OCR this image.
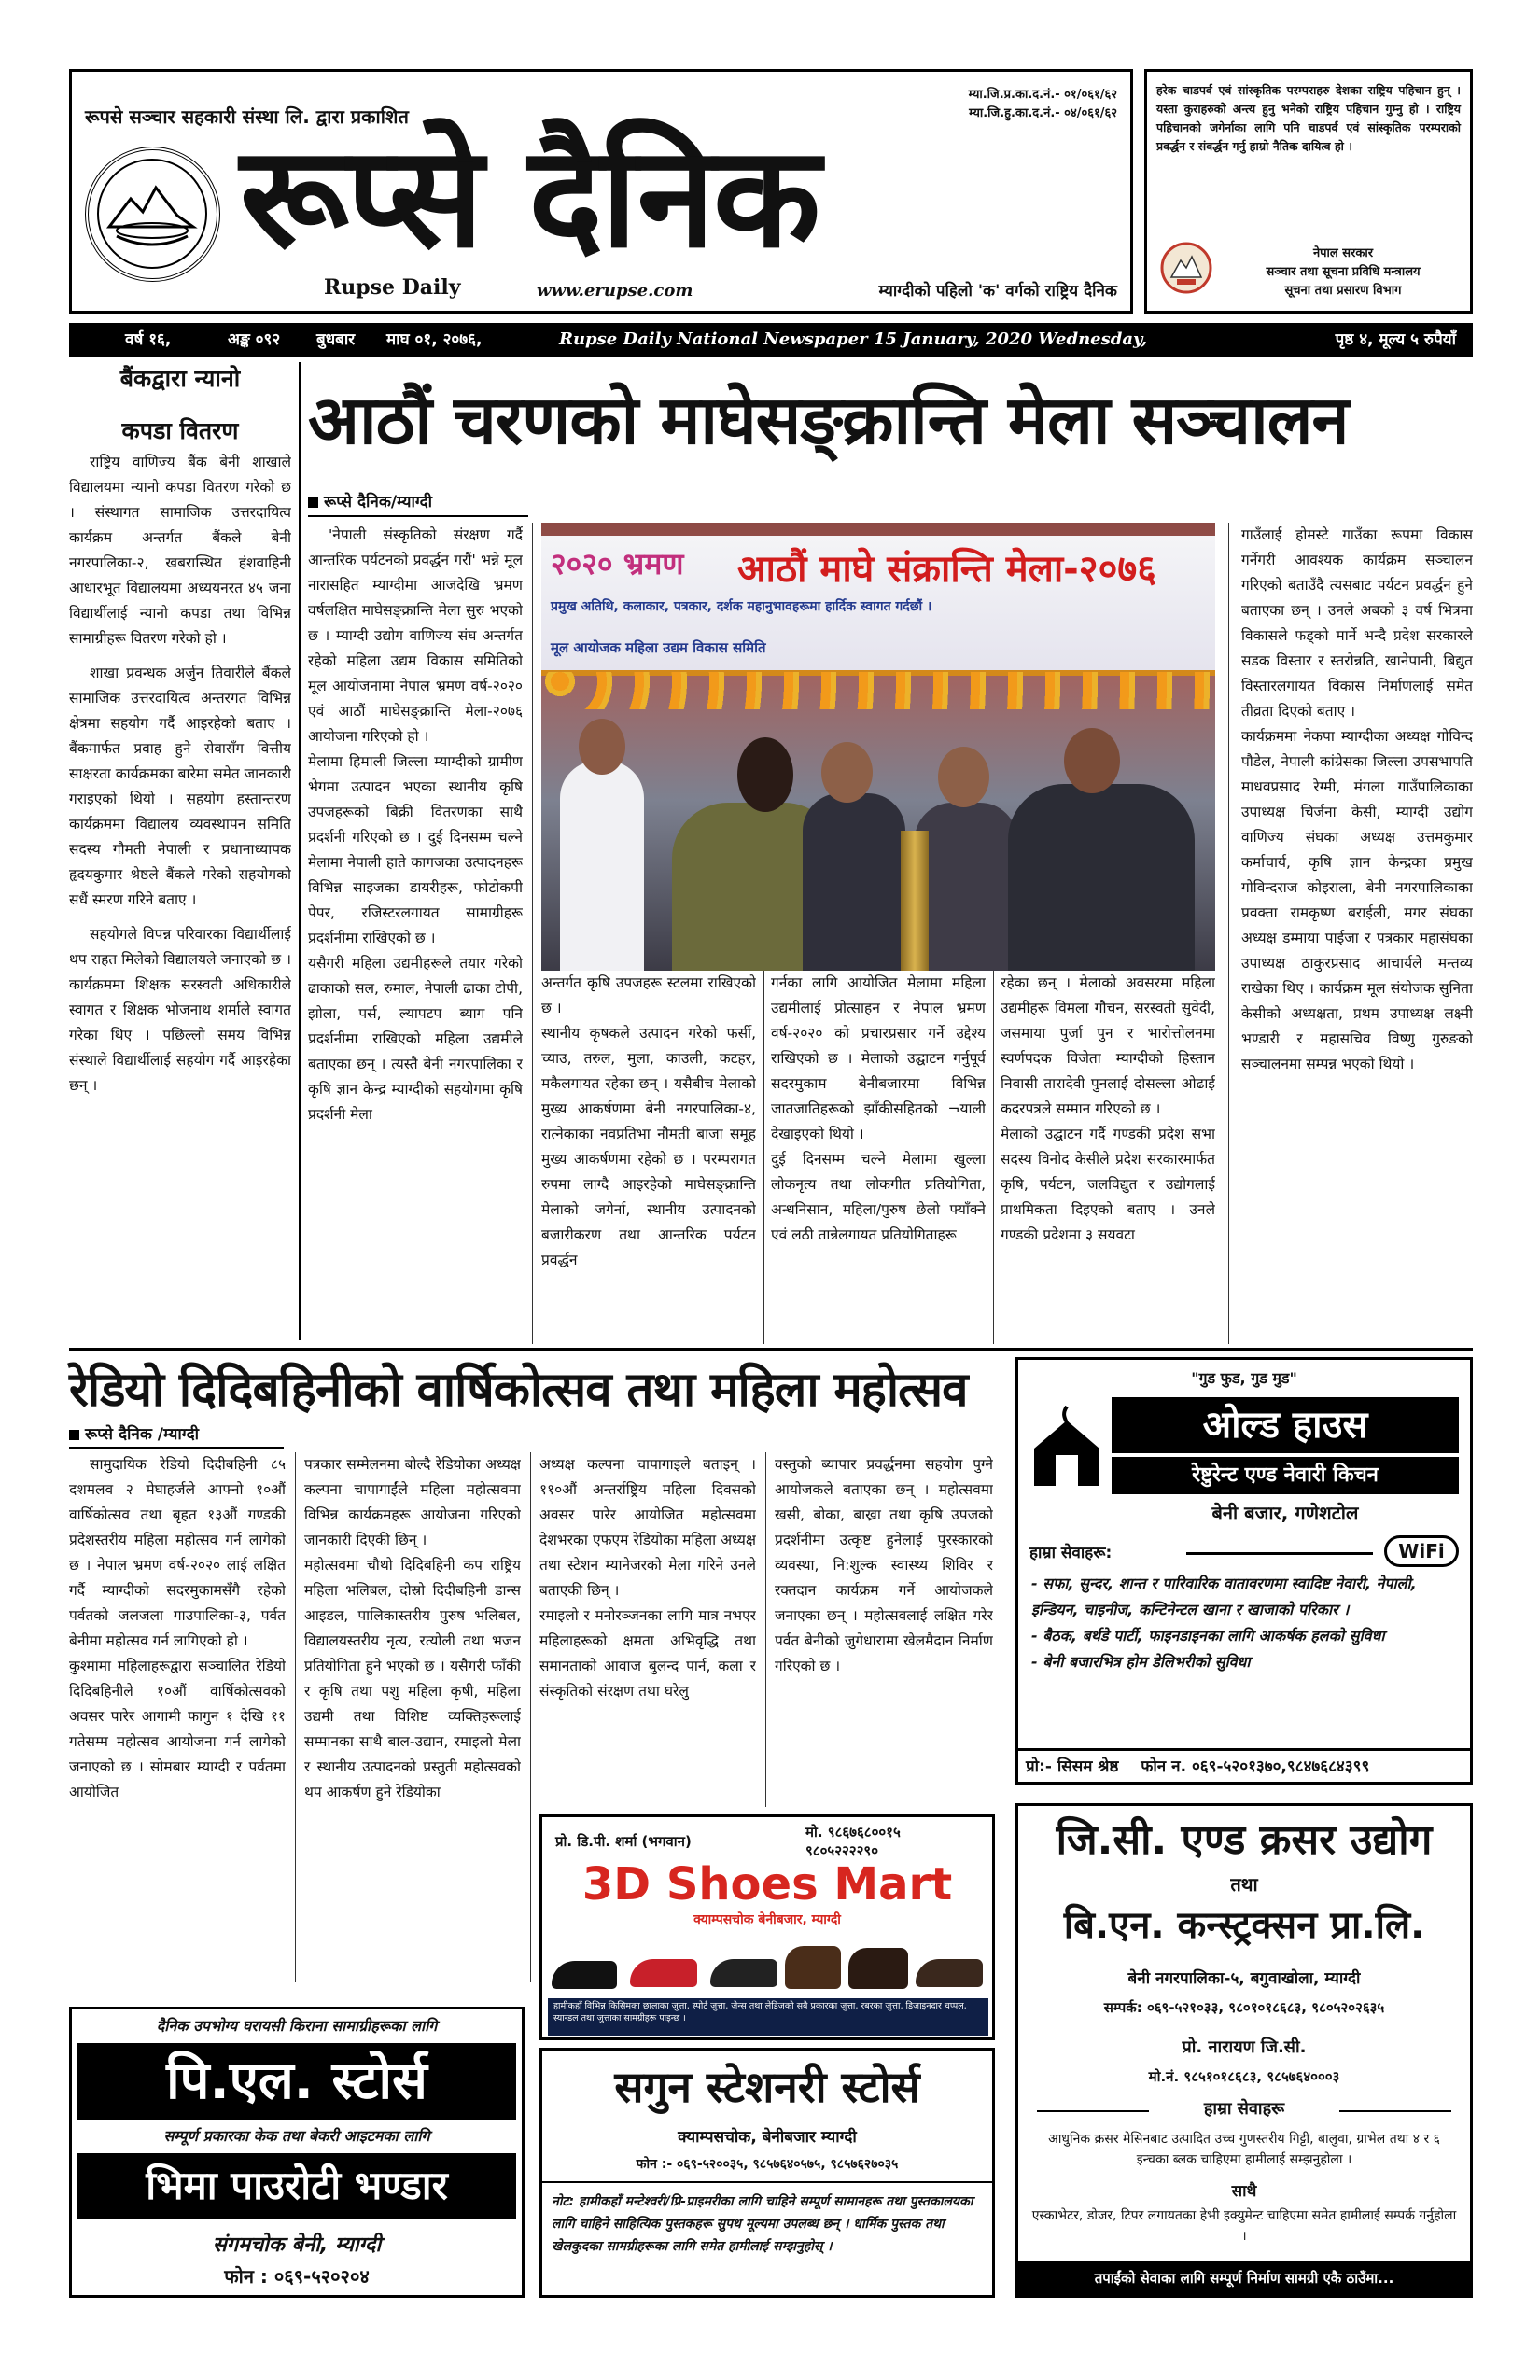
रूपसे सञ्चार सहकारी संस्था लि. द्वारा प्रकाशित
म्या.जि.प्र.का.द.नं.- ०१/०६१/६२
म्या.जि.हु.का.द.नं.- ०४/०६१/६२
रूप्से दैनिक
Rupse Daily	www.erupse.com	म्याग्दीको पहिलो 'क' वर्गको राष्ट्रिय दैनिक
हरेक चाडपर्व एवं सांस्कृतिक परम्पराहरु देशका राष्ट्रिय पहिचान हुन् । यस्ता कुराहरुको अन्त्य हुनु भनेको राष्ट्रिय पहिचान गुम्नु हो । राष्ट्रिय पहिचानको जगेर्नाका लागि पनि चाडपर्व एवं सांस्कृतिक परम्पराको प्रवर्द्धन र संवर्द्धन गर्नु हाम्रो नैतिक दायित्व हो ।
नेपाल सरकार
सञ्चार तथा सूचना प्रविधि मन्त्रालय
सूचना तथा प्रसारण विभाग
वर्ष १६,	अङ्क ०९२ बुधबार माघ ०१, २०७६,	Rupse Daily National Newspaper 15 January, 2020 Wednesday,	पृष्ठ ४, मूल्य ५ रुपैयाँ
बैंकद्वारा न्यानो
कपडा वितरण

राष्ट्रिय वाणिज्य बैंक बेनी शाखाले विद्यालयमा न्यानो कपडा वितरण गरेको छ । संस्थागत सामाजिक उत्तरदायित्व कार्यक्रम अन्तर्गत बैंकले बेनी नगरपालिका-२, खबरास्थित हंशवाहिनी आधारभूत विद्यालयमा अध्ययनरत ४५ जना विद्यार्थीलाई न्यानो कपडा तथा विभिन्न सामाग्रीहरू वितरण गरेको हो ।

शाखा प्रवन्धक अर्जुन तिवारीले बैंकले सामाजिक उत्तरदायित्व अन्तरगत विभिन्न क्षेत्रमा सहयोग गर्दै आइरहेको बताए । बैंकमार्फत प्रवाह हुने सेवासँग वित्तीय साक्षरता कार्यक्रमका बारेमा समेत जानकारी गराइएको थियो । सहयोग हस्तान्तरण कार्यक्रममा विद्यालय व्यवस्थापन समिति सदस्य गौमती नेपाली र प्रधानाध्यापक हृदयकुमार श्रेष्ठले बैंकले गरेको सहयोगको सधैं स्मरण गरिने बताए ।

सहयोगले विपन्न परिवारका विद्यार्थीलाई थप राहत मिलेको विद्यालयले जनाएको छ । कार्यक्रममा शिक्षक सरस्वती अधिकारीले स्वागत र शिक्षक भोजनाथ शर्माले स्वागत गरेका थिए । पछिल्लो समय विभिन्न संस्थाले विद्यार्थीलाई सहयोग गर्दै आइरहेका छन् ।

आठौं चरणको माघेसङ्क्रान्ति मेला सञ्चालन
रूप्से दैनिक/म्याग्दी

'नेपाली संस्कृतिको संरक्षण गर्दै आन्तरिक पर्यटनको प्रवर्द्धन गरौं' भन्ने मूल नारासहित म्याग्दीमा आजदेखि भ्रमण वर्षलक्षित माघेसङ्क्रान्ति मेला सुरु भएको छ । म्याग्दी उद्योग वाणिज्य संघ अन्तर्गत रहेको महिला उद्यम विकास समितिको मूल आयोजनामा नेपाल भ्रमण वर्ष-२०२० एवं आठौं माघेसङ्क्रान्ति मेला-२०७६ आयोजना गरिएको हो ।
मेलामा हिमाली जिल्ला म्याग्दीको ग्रामीण भेगमा उत्पादन भएका स्थानीय कृषि उपजहरूको बिक्री वितरणका साथै प्रदर्शनी गरिएको छ । दुई दिनसम्म चल्ने मेलामा नेपाली हाते कागजका उत्पादनहरू विभिन्न साइजका डायरीहरू, फोटोकपी पेपर, रजिस्टरलगायत सामाग्रीहरू प्रदर्शनीमा राखिएको छ ।
यसैगरी महिला उद्यमीहरूले तयार गरेको ढाकाको सल, रुमाल, नेपाली ढाका टोपी, झोला, पर्स, ल्यापटप ब्याग पनि प्रदर्शनीमा राखिएको महिला उद्यमीले बताएका छन् । त्यस्तै बेनी नगरपालिका र कृषि ज्ञान केन्द्र म्याग्दीको सहयोगमा कृषि प्रदर्शनी मेला

२०२० भ्रमण आठौं माघे संक्रान्ति मेला-२०७६
प्रमुख अतिथि, कलाकार, पत्रकार, दर्शक महानुभावहरूमा हार्दिक स्वागत गर्दछौं ।
मूल आयोजक महिला उद्यम विकास समिति

अन्तर्गत कृषि उपजहरू स्टलमा राखिएको छ ।
स्थानीय कृषकले उत्पादन गरेको फर्सी, च्याउ, तरुल, मुला, काउली, कटहर, मकैलगायत रहेका छन् । यसैबीच मेलाको मुख्य आकर्षणमा बेनी नगरपालिका-४, रात्नेकाका नवप्रतिभा नौमती बाजा समूह मुख्य आकर्षणमा रहेको छ । परम्परागत रुपमा लाग्दै आइरहेको माघेसङ्क्रान्ति मेलाको जगेर्ना, स्थानीय उत्पादनको बजारीकरण तथा आन्तरिक पर्यटन प्रवर्द्धन

गर्नका लागि आयोजित मेलामा महिला उद्यमीलाई प्रोत्साहन र नेपाल भ्रमण वर्ष-२०२० को प्रचारप्रसार गर्ने उद्देश्य राखिएको छ । मेलाको उद्घाटन गर्नुपूर्व सदरमुकाम बेनीबजारमा विभिन्न जातजातिहरूको झाँकीसहितको ¬याली देखाइएको थियो ।
दुई दिनसम्म चल्ने मेलामा खुल्ला लोकनृत्य तथा लोकगीत प्रतियोगिता, अन्धनिसान, महिला/पुरुष छेलो फ्याँक्ने एवं लठी तान्नेलगायत प्रतियोगिताहरू

रहेका छन् । मेलाको अवसरमा महिला उद्यमीहरू विमला गौचन, सरस्वती सुवेदी, जसमाया पुर्जा पुन र भारोत्तोलनमा स्वर्णपदक विजेता म्याग्दीको हिस्तान निवासी तारादेवी पुनलाई दोसल्ला ओढाई कदरपत्रले सम्मान गरिएको छ ।
मेलाको उद्घाटन गर्दै गण्डकी प्रदेश सभा सदस्य विनोद केसीले प्रदेश सरकारमार्फत कृषि, पर्यटन, जलविद्युत र उद्योगलाई प्राथमिकता दिइएको बताए । उनले गण्डकी प्रदेशमा ३ सयवटा

गाउँलाई होमस्टे गाउँका रूपमा विकास गर्नेगरी आवश्यक कार्यक्रम सञ्चालन गरिएको बताउँदै त्यसबाट पर्यटन प्रवर्द्धन हुने बताएका छन् । उनले अबको ३ वर्ष भित्रमा विकासले फड्को मार्ने भन्दै प्रदेश सरकारले सडक विस्तार र स्तरोन्नति, खानेपानी, बिद्युत विस्तारलगायत विकास निर्माणलाई समेत तीव्रता दिएको बताए ।
कार्यक्रममा नेकपा म्याग्दीका अध्यक्ष गोविन्द पौडेल, नेपाली कांग्रेसका जिल्ला उपसभापति माधवप्रसाद रेग्मी, मंगला गाउँपालिकाका उपाध्यक्ष चिर्जना केसी, म्याग्दी उद्योग वाणिज्य संघका अध्यक्ष उत्तमकुमार कर्माचार्य, कृषि ज्ञान केन्द्रका प्रमुख गोविन्दराज कोइराला, बेनी नगरपालिकाका प्रवक्ता रामकृष्ण बराईली, मगर संघका अध्यक्ष डम्माया पाईजा र पत्रकार महासंघका उपाध्यक्ष ठाकुरप्रसाद आचार्यले मन्तव्य राखेका थिए । कार्यक्रम मूल संयोजक सुनिता केसीको अध्यक्षता, प्रथम उपाध्यक्ष लक्ष्मी भण्डारी र महासचिव विष्णु गुरुङको सञ्चालनमा सम्पन्न भएको थियो ।

रेडियो दिदिबहिनीको वार्षिकोत्सव तथा महिला महोत्सव
रूप्से दैनिक /म्याग्दी

सामुदायिक रेडियो दिदीबहिनी ८५ दशमलव २ मेघाहर्जले आफ्नो १०औं वार्षिकोत्सव तथा बृहत १३औं गण्डकी प्रदेशस्तरीय महिला महोत्सव गर्न लागेको छ । नेपाल भ्रमण वर्ष-२०२० लाई लक्षित गर्दै म्याग्दीको सदरमुकामसँगै रहेको पर्वतको जलजला गाउपालिका-३, पर्वत बेनीमा महोत्सव गर्न लागिएको हो ।
कुश्मामा महिलाहरूद्वारा सञ्चालित रेडियो दिदिबहिनीले १०औं वार्षिकोत्सवको अवसर पारेर आगामी फागुन १ देखि ११ गतेसम्म महोत्सव आयोजना गर्न लागेको जनाएको छ । सोमबार म्याग्दी र पर्वतमा आयोजित

पत्रकार सम्मेलनमा बोल्दै रेडियोका अध्यक्ष कल्पना चापागाईंले महिला महोत्सवमा विभिन्न कार्यक्रमहरू आयोजना गरिएको जानकारी दिएकी छिन् ।
महोत्सवमा चौथो दिदिबहिनी कप राष्ट्रिय महिला भलिबल, दोस्रो दिदीबहिनी डान्स आइडल, पालिकास्तरीय पुरुष भलिबल, विद्यालयस्तरीय नृत्य, रत्योली तथा भजन प्रतियोगिता हुने भएको छ । यसैगरी फाँकी र कृषि तथा पशु महिला कृषी, महिला उद्यमी तथा विशिष्ट व्यक्तिहरूलाई सम्मानका साथै बाल-उद्यान, रमाइलो मेला र स्थानीय उत्पादनको प्रस्तुती महोत्सवको थप आकर्षण हुने रेडियोका

अध्यक्ष कल्पना चापागाइले बताइन् । ११०औं अन्तर्राष्ट्रिय महिला दिवसको अवसर पारेर आयोजित महोत्सवमा देशभरका एफएम रेडियोका महिला अध्यक्ष तथा स्टेशन म्यानेजरको मेला गरिने उनले बताएकी छिन् ।
रमाइलो र मनोरञ्जनका लागि मात्र नभएर महिलाहरूको क्षमता अभिवृद्धि तथा समानताको आवाज बुलन्द पार्न, कला र संस्कृतिको संरक्षण तथा घरेलु

वस्तुको ब्यापार प्रवर्द्धनमा सहयोग पुग्ने आयोजकले बताएका छन् । महोत्सवमा खसी, बोका, बाख्रा तथा कृषि उपजको प्रदर्शनीमा उत्कृष्ट हुनेलाई पुरस्कारको व्यवस्था, नि:शुल्क स्वास्थ्य शिविर र रक्तदान कार्यक्रम गर्ने आयोजकले जनाएका छन् । महोत्सवलाई लक्षित गरेर पर्वत बेनीको जुगेधारामा खेलमैदान निर्माण गरिएको छ ।

"गुड फुड, गुड मुड"
ओल्ड हाउस
रेष्टुरेन्ट एण्ड नेवारी किचन
बेनी बजार, गणेशटोल
हाम्रा सेवाहरू:	WiFi
- सफा, सुन्दर, शान्त र पारिवारिक वातावरणमा स्वादिष्ट नेवारी, नेपाली, इन्डियन, चाइनीज, कन्टिनेन्टल खाना र खाजाको परिकार ।
- बैठक, बर्थडे पार्टी, फाइनडाइनका लागि आकर्षक हलको सुविधा
- बेनी बजारभित्र होम डेलिभरीको सुविधा
प्रो:- सिसम श्रेष्ठ फोन न. ०६९-५२०१३७०,९८४७६८४३९९
प्रो. डि.पी. शर्मा (भगवान)
मो. ९८६७६८००१५
९८०५२२२२९०
3D Shoes Mart
क्याम्पसचोक बेनीबजार, म्याग्दी
हामीकहाँ विभिन्न किसिमका छालाका जुत्ता, स्पोर्ट जुत्ता, जेन्स तथा लेडिजको सबै प्रकारका जुत्ता, रबरका जुत्ता, डिजाइनदार चप्पल, स्यान्डल तथा जुत्ताका सामग्रीहरू पाइन्छ ।
जि.सी. एण्ड क्रसर उद्योग
तथा
बि.एन. कन्स्ट्रक्सन प्रा.लि.
बेनी नगरपालिका-५, बगुवाखोला, म्याग्दी
सम्पर्क: ०६९-५२१०३३, ९८०१०१८६८३, ९८०५२०२६३५
प्रो. नारायण जि.सी.
मो.नं. ९८५१०१८६८३, ९८५७६४०००३
हाम्रा सेवाहरू
आधुनिक क्रसर मेसिनबाट उत्पादित उच्च गुणस्तरीय गिट्टी, बालुवा, ग्राभेल तथा ४ र ६ इन्चका ब्लक चाहिएमा हामीलाई सम्झनुहोला ।
साथै
एस्काभेटर, डोजर, टिपर लगायतका हेभी इक्युमेन्ट चाहिएमा समेत हामीलाई सम्पर्क गर्नुहोला ।
तपाईंको सेवाका लागि सम्पूर्ण निर्माण सामग्री एकै ठाउँमा...
दैनिक उपभोग्य घरायसी किराना सामाग्रीहरूका लागि
पि.एल. स्टोर्स
सम्पूर्ण प्रकारका केक तथा बेकरी आइटमका लागि
भिमा पाउरोटी भण्डार
संगमचोक बेनी, म्याग्दी
फोन : ०६९-५२०२०४
सगुन स्टेशनरी स्टोर्स
क्याम्पसचोक, बेनीबजार म्याग्दी
फोन :- ०६९-५२००३५, ९८५७६४०५७५, ९८५७६२७०३५
नोट: हामीकहाँ मन्टेश्वरी/प्रि-प्राइमरीका लागि चाहिने सम्पूर्ण सामानहरू तथा पुस्तकालयका लागि चाहिने साहित्यिक पुस्तकहरू सुपथ मूल्यमा उपलब्ध छन् । धार्मिक पुस्तक तथा खेलकुदका सामग्रीहरूका लागि समेत हामीलाई सम्झनुहोस् ।
